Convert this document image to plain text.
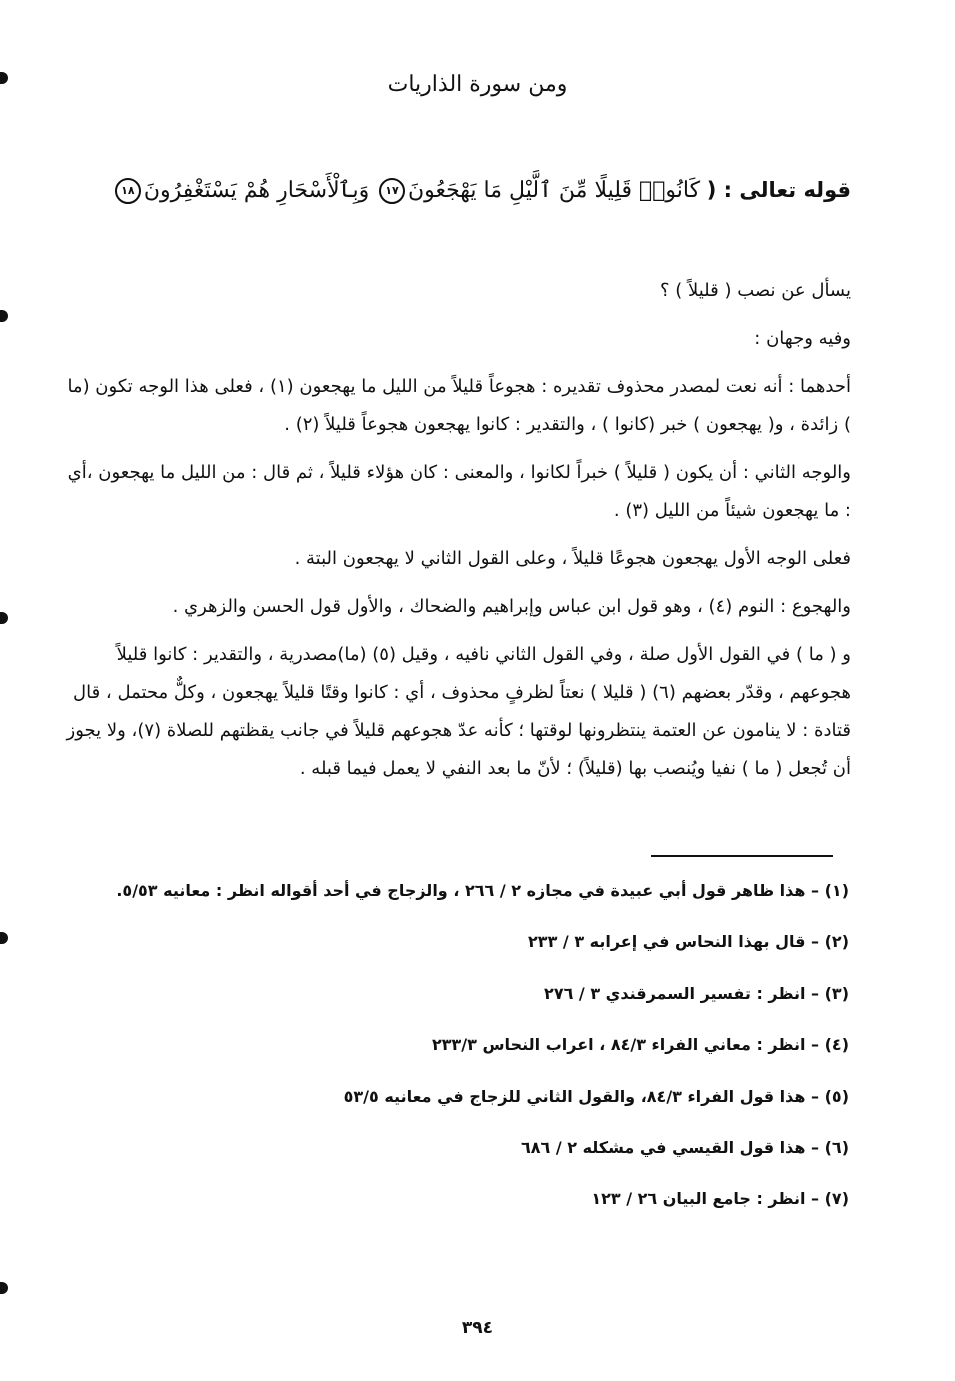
ومن سورة الذاريات
قوله تعالى : ( كَانُوا۟ قَلِيلًا مِّنَ ٱلَّيْلِ مَا يَهْجَعُونَ١٧ وَبِٱلْأَسْحَارِ هُمْ يَسْتَغْفِرُونَ١٨

يسأل عن نصب ( قليلاً ) ؟

وفيه وجهان :

أحدهما : أنه نعت لمصدر محذوف تقديره : هجوعاً قليلاً من الليل ما يهجعون (١) ، فعلى هذا الوجه تكون (ما ) زائدة ، و( يهجعون ) خبر (كانوا ) ، والتقدير : كانوا يهجعون هجوعاً قليلاً (٢) .

والوجه الثاني : أن يكون ( قليلاً ) خبراً لكانوا ، والمعنى : كان هؤلاء قليلاً ، ثم قال : من الليل ما يهجعون ،أي : ما يهجعون شيئاً من الليل (٣) .

فعلى الوجه الأول يهجعون هجوعًا قليلاً ، وعلى القول الثاني لا يهجعون البتة .

والهجوع : النوم (٤) ، وهو قول ابن عباس وإبراهيم والضحاك ، والأول قول الحسن والزهري .

و ( ما ) في القول الأول صلة ، وفي القول الثاني نافيه ، وقيل (٥) (ما)مصدرية ، والتقدير : كانوا قليلاً هجوعهم ، وقدّر بعضهم (٦) ( قليلا ) نعتاً لظرفٍ محذوف ، أي : كانوا وقتًا قليلاً يهجعون ، وكلٌّ محتمل ، قال قتادة : لا ينامون عن العتمة ينتظرونها لوقتها ؛ كأنه عدّ هجوعهم قليلاً في جانب يقظتهم للصلاة (٧)، ولا يجوز أن تُجعل ( ما ) نفيا ويُنصب بها (قليلاً) ؛ لأنّ ما بعد النفي لا يعمل فيما قبله .

(١) – هذا ظاهر قول أبي عبيدة في مجازه ٢ / ٢٦٦ ، والزجاج في أحد أقواله انظر : معانيه ٥/٥٣.
(٢) – قال بهذا النحاس في إعرابه ٣ / ٢٣٣
(٣) – انظر : تفسير السمرقندي ٣ / ٢٧٦
(٤) – انظر : معاني الفراء ٨٤/٣ ، اعراب النحاس ٢٣٣/٣
(٥) – هذا قول الفراء ٨٤/٣، والقول الثاني للزجاج في معانيه ٥٣/٥
(٦) – هذا قول القيسي في مشكله ٢ / ٦٨٦
(٧) – انظر : جامع البيان ٢٦ / ١٢٣
٣٩٤
